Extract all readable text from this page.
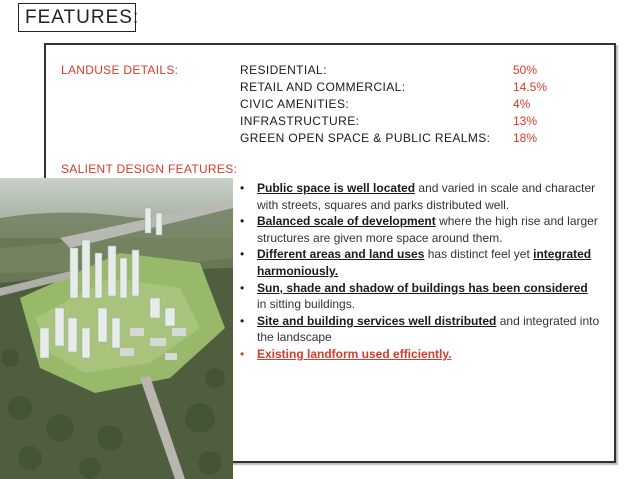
FEATURES:
LANDUSE DETAILS:	RESIDENTIAL:
RETAIL AND COMMERCIAL:
CIVIC AMENITIES:
INFRASTRUCTURE:
GREEN OPEN SPACE & PUBLIC REALMS:
50%
14.5%
4%
13%
18%
SALIENT DESIGN FEATURES:
• Public space is well located and varied in scale and character with streets, squares and parks distributed well.
• Balanced scale of development where the high rise and larger structures are given more space around them.
• Different areas and land uses has distinct feel yet integrated harmoniously.
• Sun, shade and shadow of buildings has been considered in sitting buildings.
• Site and building services well distributed and integrated into the landscape
• Existing landform used efficiently.
